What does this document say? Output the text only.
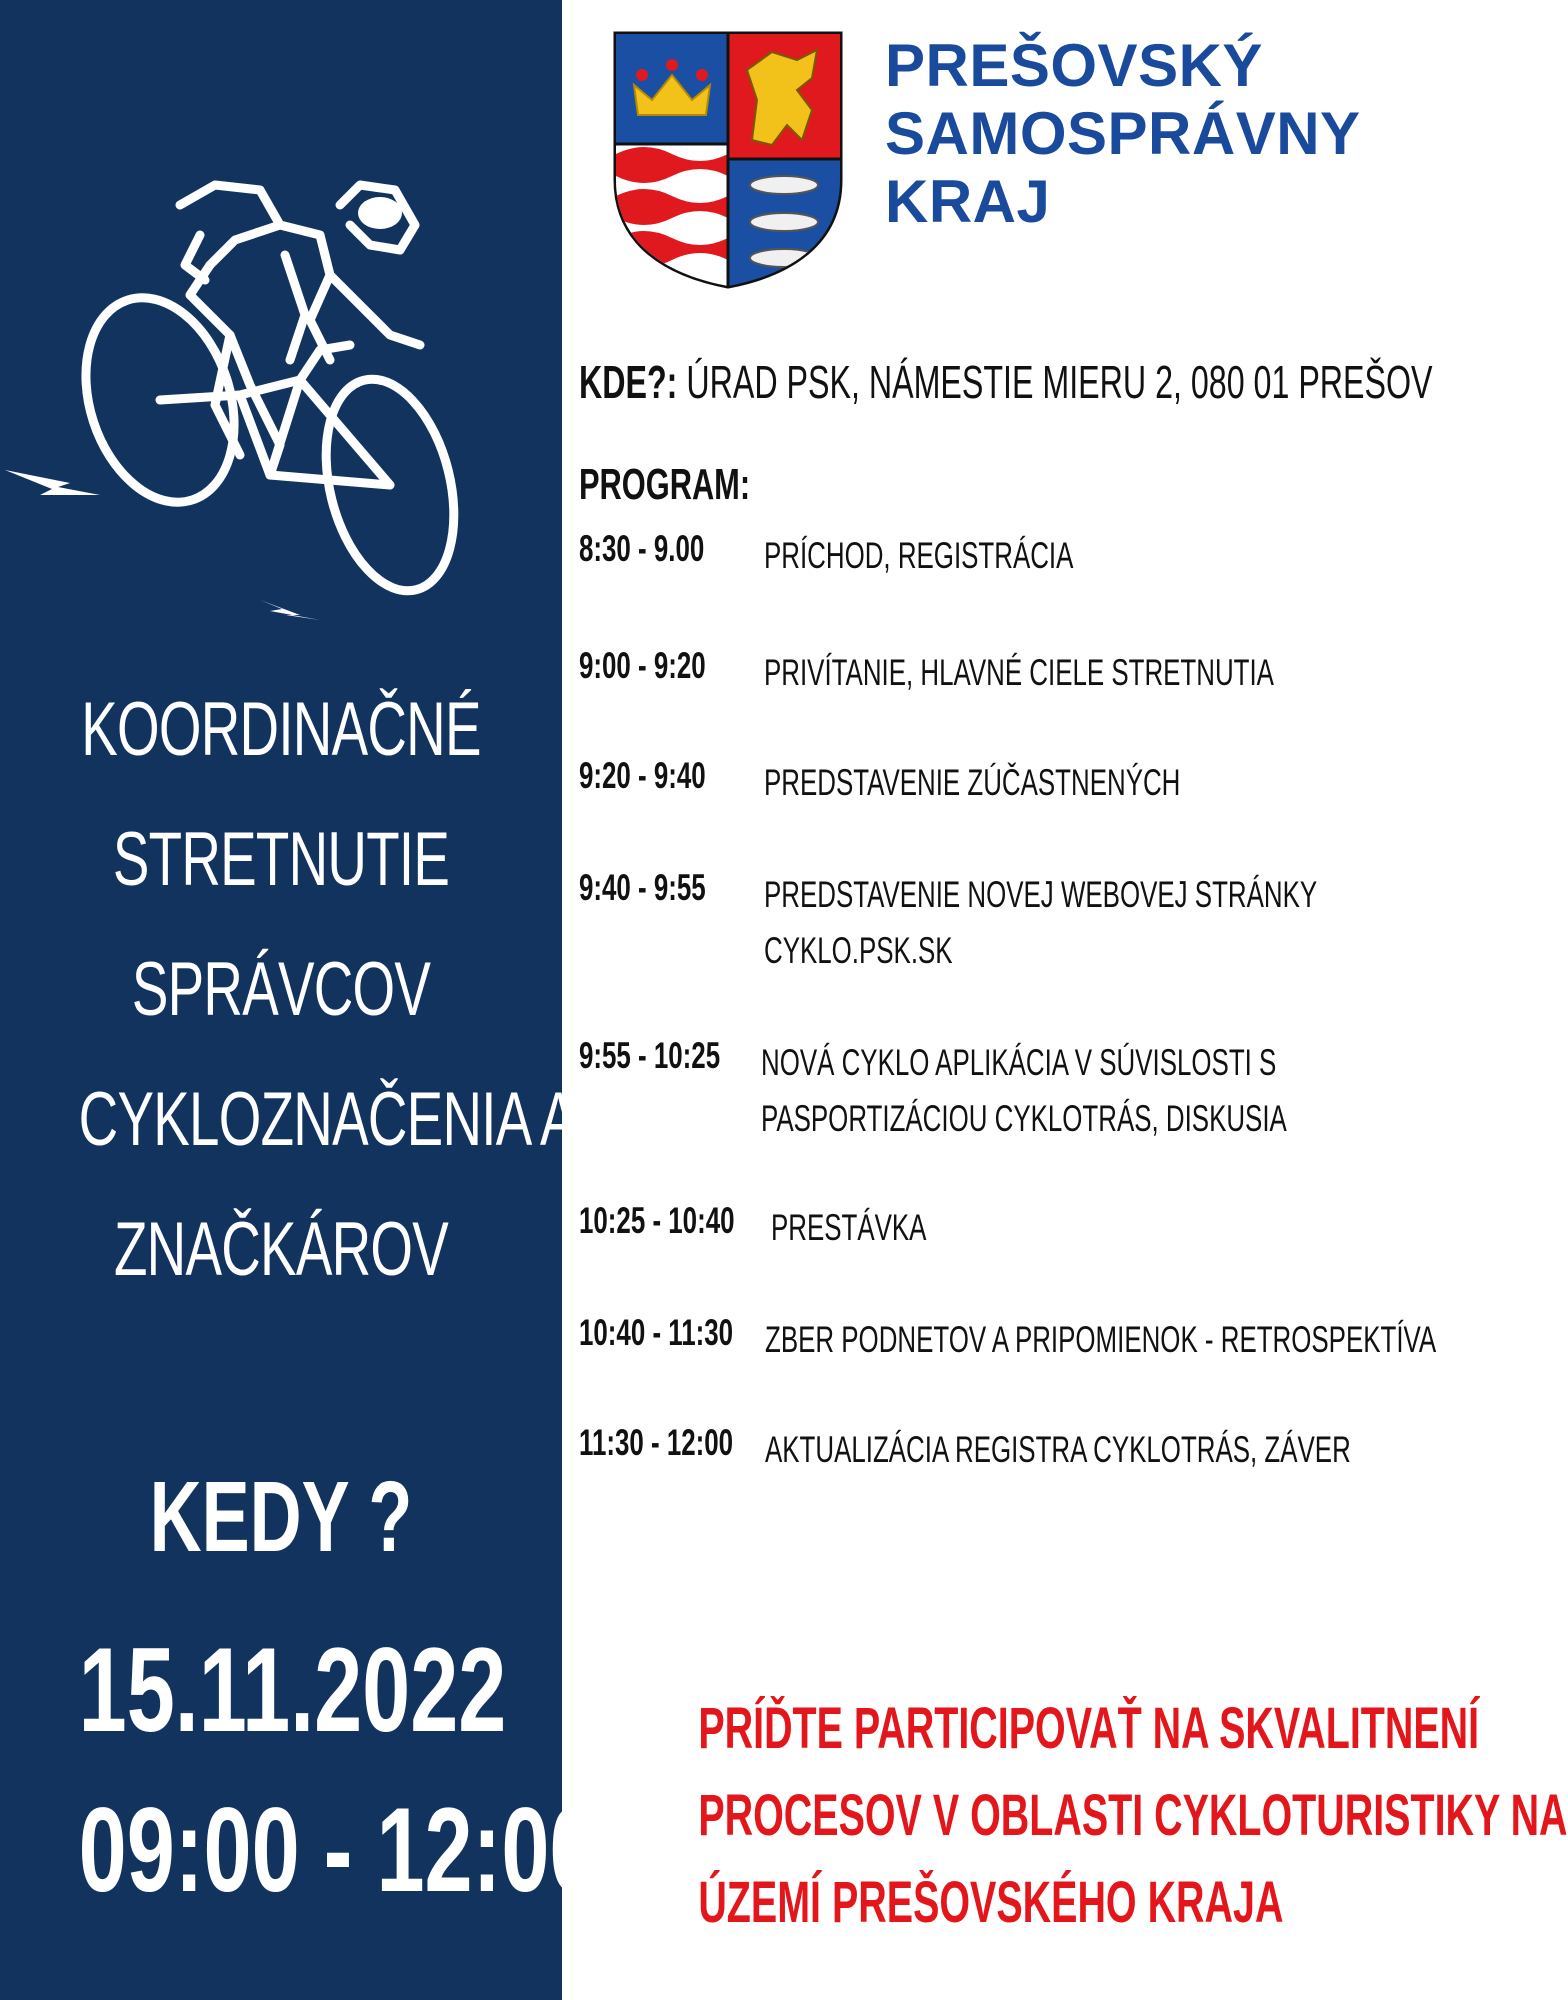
KOORDINAČNÉ
STRETNUTIE
SPRÁVCOV
CYKLOZNAČENIA A
ZNAČKÁROV
KEDY ?
15.11.2022
09:00 - 12:00
PREŠOVSKÝ
SAMOSPRÁVNY
KRAJ
KDE?: ÚRAD PSK, NÁMESTIE MIERU 2, 080 01 PREŠOV
PROGRAM:
8:30 - 9.00 PRÍCHOD, REGISTRÁCIA
9:00 - 9:20 PRIVÍTANIE, HLAVNÉ CIELE STRETNUTIA
9:20 - 9:40 PREDSTAVENIE ZÚČASTNENÝCH
9:40 - 9:55 PREDSTAVENIE NOVEJ WEBOVEJ STRÁNKY
CYKLO.PSK.SK
9:55 - 10:25 NOVÁ CYKLO APLIKÁCIA V SÚVISLOSTI S
PASPORTIZÁCIOU CYKLOTRÁS, DISKUSIA
10:25 - 10:40 PRESTÁVKA
10:40 - 11:30 ZBER PODNETOV A PRIPOMIENOK - RETROSPEKTÍVA
11:30 - 12:00 AKTUALIZÁCIA REGISTRA CYKLOTRÁS, ZÁVER
PRÍĎTE PARTICIPOVAŤ NA SKVALITNENÍ
PROCESOV V OBLASTI CYKLOTURISTIKY NA
ÚZEMÍ PREŠOVSKÉHO KRAJA
